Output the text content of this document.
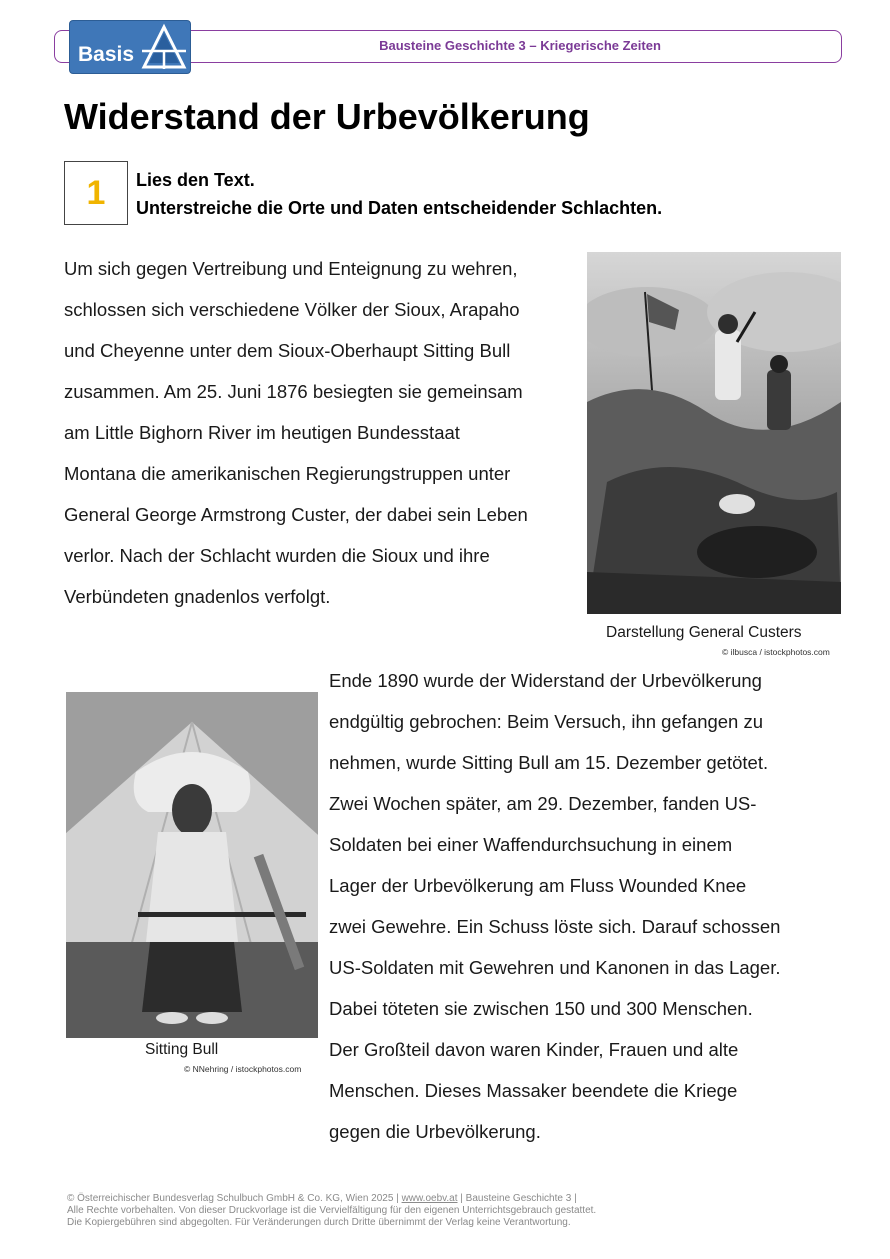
Bausteine Geschichte 3 – Kriegerische Zeiten
Basis
Widerstand der Urbevölkerung
1 Lies den Text.
Unterstreiche die Orte und Daten entscheidender Schlachten.
Um sich gegen Vertreibung und Enteignung zu wehren,
schlossen sich verschiedene Völker der Sioux, Arapaho
und Cheyenne unter dem Sioux-Oberhaupt Sitting Bull
zusammen. Am 25. Juni 1876 besiegten sie gemeinsam
am Little Bighorn River im heutigen Bundesstaat
Montana die amerikanischen Regierungstruppen unter
General George Armstrong Custer, der dabei sein Leben
verlor. Nach der Schlacht wurden die Sioux und ihre
Verbündeten gnadenlos verfolgt.
Darstellung General Custers
© ilbusca / istockphotos.com
Sitting Bull
© NNehring / istockphotos.com
Ende 1890 wurde der Widerstand der Urbevölkerung
endgültig gebrochen: Beim Versuch, ihn gefangen zu
nehmen, wurde Sitting Bull am 15. Dezember getötet.
Zwei Wochen später, am 29. Dezember, fanden US-
Soldaten bei einer Waffendurchsuchung in einem
Lager der Urbevölkerung am Fluss Wounded Knee
zwei Gewehre. Ein Schuss löste sich. Darauf schossen
US-Soldaten mit Gewehren und Kanonen in das Lager.
Dabei töteten sie zwischen 150 und 300 Menschen.
Der Großteil davon waren Kinder, Frauen und alte
Menschen. Dieses Massaker beendete die Kriege
gegen die Urbevölkerung.
© Österreichischer Bundesverlag Schulbuch GmbH & Co. KG, Wien 2025 | www.oebv.at | Bausteine Geschichte 3 |
Alle Rechte vorbehalten. Von dieser Druckvorlage ist die Vervielfältigung für den eigenen Unterrichtsgebrauch gestattet.
Die Kopiergebühren sind abgegolten. Für Veränderungen durch Dritte übernimmt der Verlag keine Verantwortung.
